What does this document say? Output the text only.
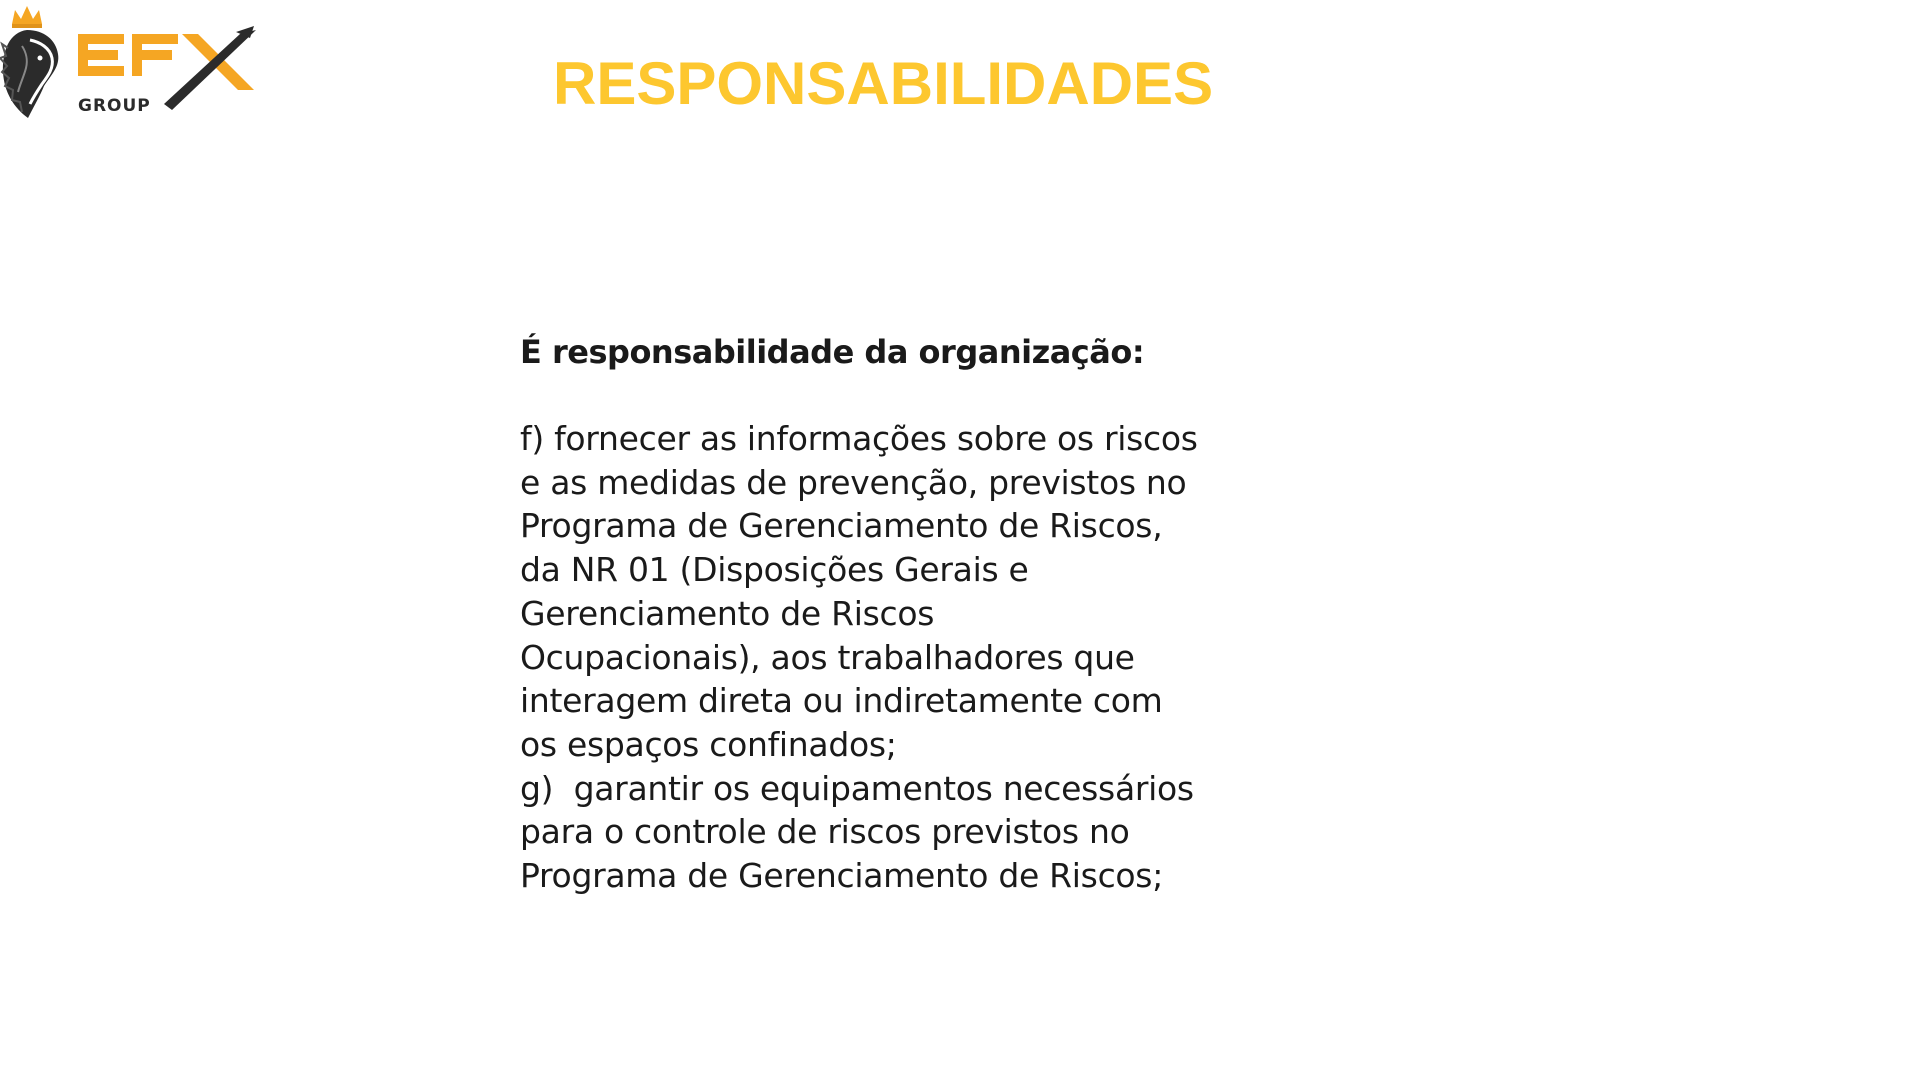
GROUP	RESPONSABILIDADES

É responsabilidade da organização:

f) fornecer as informações sobre os riscos
e as medidas de prevenção, previstos no
Programa de Gerenciamento de Riscos,
da NR 01 (Disposições Gerais e
Gerenciamento de Riscos
Ocupacionais), aos trabalhadores que
interagem direta ou indiretamente com
os espaços confinados;
g)  garantir os equipamentos necessários
para o controle de riscos previstos no
Programa de Gerenciamento de Riscos;
